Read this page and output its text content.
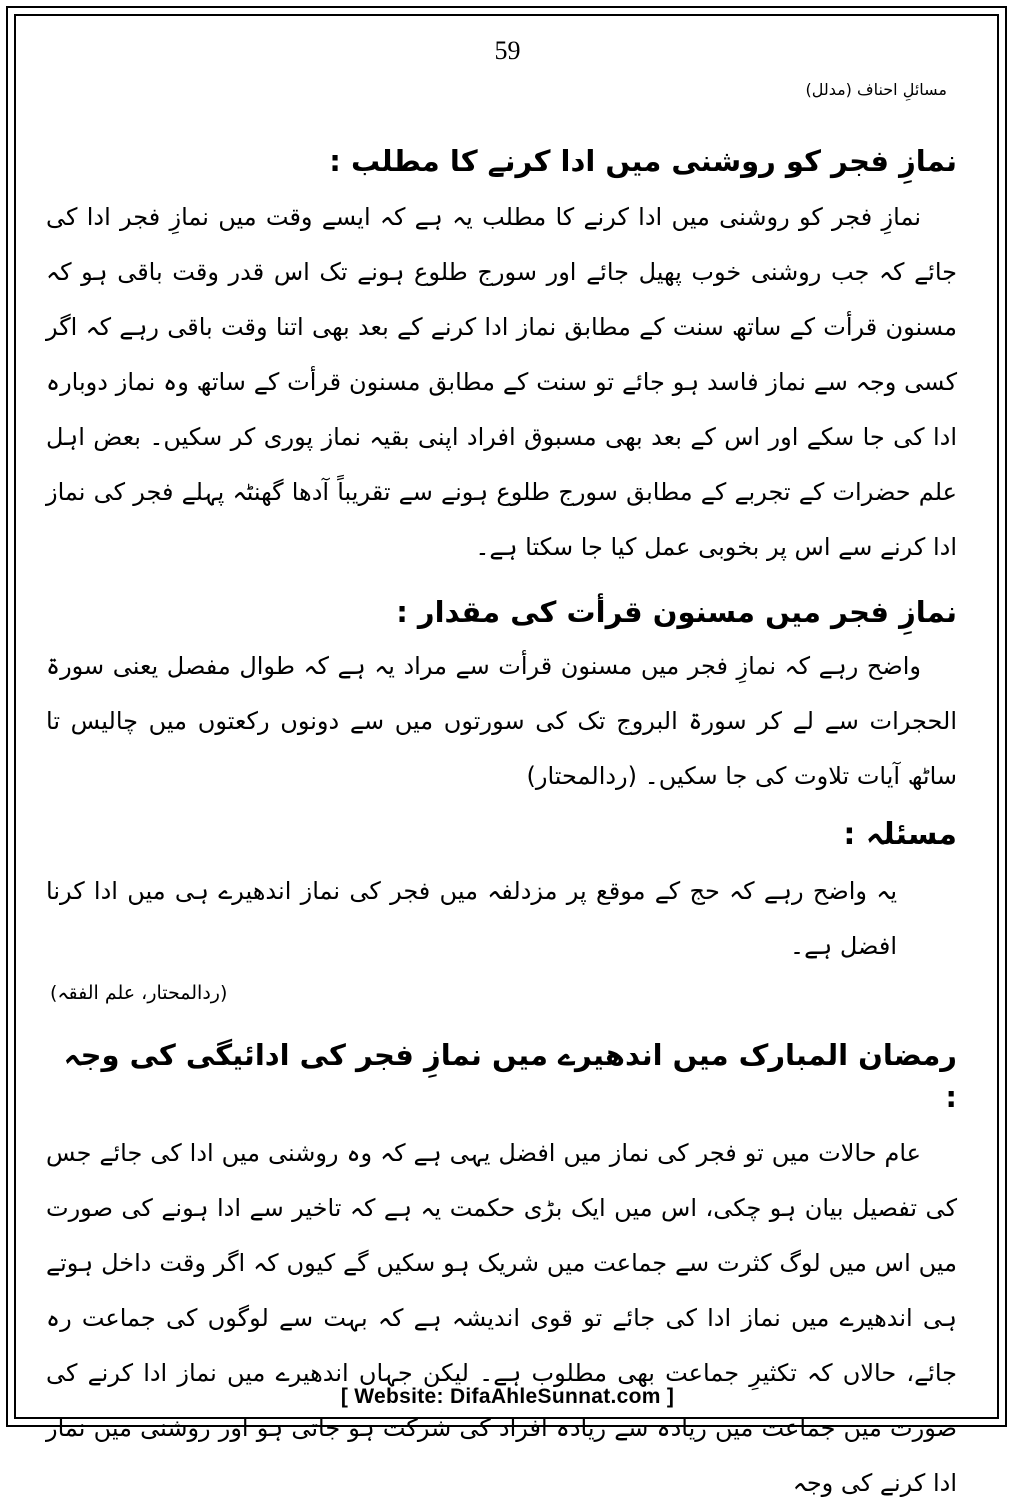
59
مسائلِ احناف (مدلل)
نمازِ فجر کو روشنی میں ادا کرنے کا مطلب :

نمازِ فجر کو روشنی میں ادا کرنے کا مطلب یہ ہے کہ ایسے وقت میں نمازِ فجر ادا کی جائے کہ جب روشنی خوب پھیل جائے اور سورج طلوع ہونے تک اس قدر وقت باقی ہو کہ مسنون قرأت کے ساتھ سنت کے مطابق نماز ادا کرنے کے بعد بھی اتنا وقت باقی رہے کہ اگر کسی وجہ سے نماز فاسد ہو جائے تو سنت کے مطابق مسنون قرأت کے ساتھ وہ نماز دوبارہ ادا کی جا سکے اور اس کے بعد بھی مسبوق افراد اپنی بقیہ نماز پوری کر سکیں۔ بعض اہل علم حضرات کے تجربے کے مطابق سورج طلوع ہونے سے تقریباً آدھا گھنٹہ پہلے فجر کی نماز ادا کرنے سے اس پر بخوبی عمل کیا جا سکتا ہے۔

نمازِ فجر میں مسنون قرأت کی مقدار :

واضح رہے کہ نمازِ فجر میں مسنون قرأت سے مراد یہ ہے کہ طوال مفصل یعنی سورۃ الحجرات سے لے کر سورۃ البروج تک کی سورتوں میں سے دونوں رکعتوں میں چالیس تا ساٹھ آیات تلاوت کی جا سکیں۔ (ردالمحتار)

مسئلہ :

یہ واضح رہے کہ حج کے موقع پر مزدلفہ میں فجر کی نماز اندھیرے ہی میں ادا کرنا افضل ہے۔

(ردالمحتار، علم الفقہ)

رمضان المبارک میں اندھیرے میں نمازِ فجر کی ادائیگی کی وجہ :

عام حالات میں تو فجر کی نماز میں افضل یہی ہے کہ وہ روشنی میں ادا کی جائے جس کی تفصیل بیان ہو چکی، اس میں ایک بڑی حکمت یہ ہے کہ تاخیر سے ادا ہونے کی صورت میں اس میں لوگ کثرت سے جماعت میں شریک ہو سکیں گے کیوں کہ اگر وقت داخل ہوتے ہی اندھیرے میں نماز ادا کی جائے تو قوی اندیشہ ہے کہ بہت سے لوگوں کی جماعت رہ جائے، حالاں کہ تکثیرِ جماعت بھی مطلوب ہے۔ لیکن جہاں اندھیرے میں نماز ادا کرنے کی صورت میں جماعت میں زیادہ سے زیادہ افراد کی شرکت ہو جاتی ہو اور روشنی میں نماز ادا کرنے کی وجہ

[ Website: DifaAhleSunnat.com ]
